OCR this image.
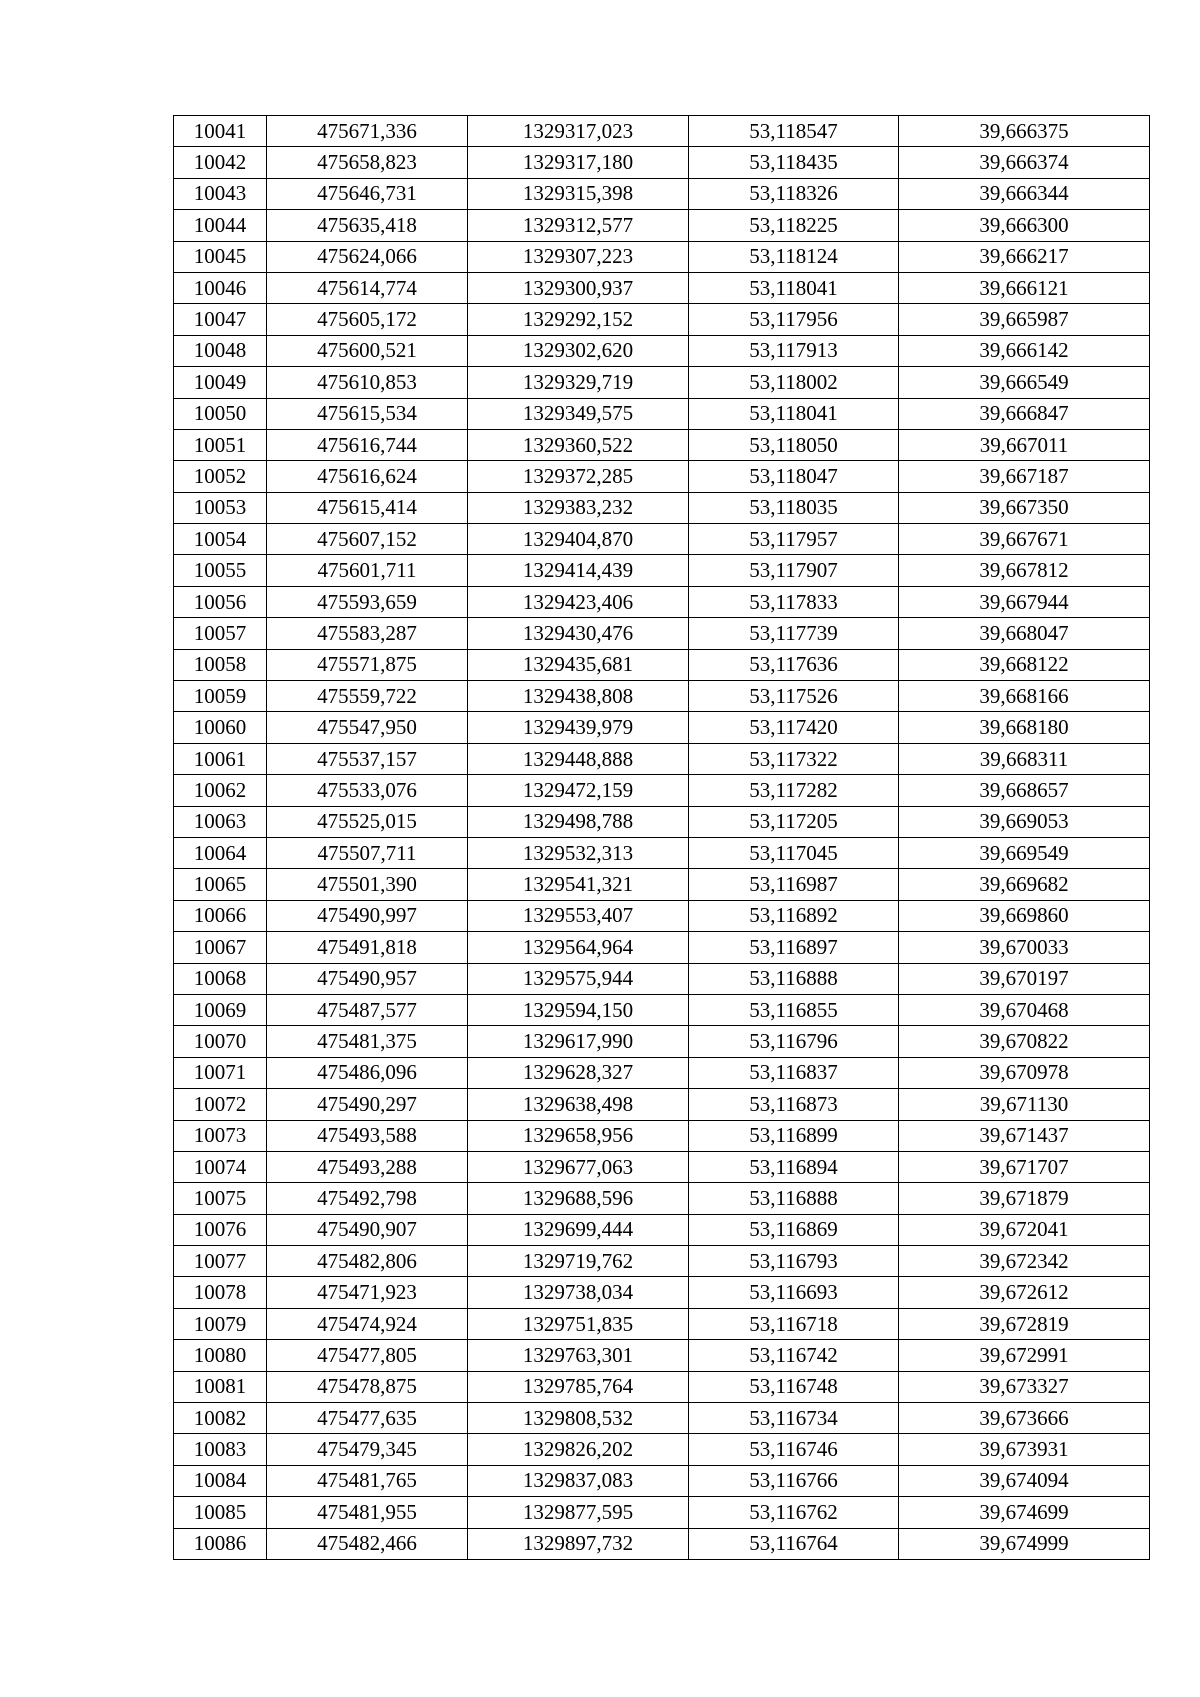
10041	475671,336	1329317,023	53,118547	39,666375
10042	475658,823	1329317,180	53,118435	39,666374
10043	475646,731	1329315,398	53,118326	39,666344
10044	475635,418	1329312,577	53,118225	39,666300
10045	475624,066	1329307,223	53,118124	39,666217
10046	475614,774	1329300,937	53,118041	39,666121
10047	475605,172	1329292,152	53,117956	39,665987
10048	475600,521	1329302,620	53,117913	39,666142
10049	475610,853	1329329,719	53,118002	39,666549
10050	475615,534	1329349,575	53,118041	39,666847
10051	475616,744	1329360,522	53,118050	39,667011
10052	475616,624	1329372,285	53,118047	39,667187
10053	475615,414	1329383,232	53,118035	39,667350
10054	475607,152	1329404,870	53,117957	39,667671
10055	475601,711	1329414,439	53,117907	39,667812
10056	475593,659	1329423,406	53,117833	39,667944
10057	475583,287	1329430,476	53,117739	39,668047
10058	475571,875	1329435,681	53,117636	39,668122
10059	475559,722	1329438,808	53,117526	39,668166
10060	475547,950	1329439,979	53,117420	39,668180
10061	475537,157	1329448,888	53,117322	39,668311
10062	475533,076	1329472,159	53,117282	39,668657
10063	475525,015	1329498,788	53,117205	39,669053
10064	475507,711	1329532,313	53,117045	39,669549
10065	475501,390	1329541,321	53,116987	39,669682
10066	475490,997	1329553,407	53,116892	39,669860
10067	475491,818	1329564,964	53,116897	39,670033
10068	475490,957	1329575,944	53,116888	39,670197
10069	475487,577	1329594,150	53,116855	39,670468
10070	475481,375	1329617,990	53,116796	39,670822
10071	475486,096	1329628,327	53,116837	39,670978
10072	475490,297	1329638,498	53,116873	39,671130
10073	475493,588	1329658,956	53,116899	39,671437
10074	475493,288	1329677,063	53,116894	39,671707
10075	475492,798	1329688,596	53,116888	39,671879
10076	475490,907	1329699,444	53,116869	39,672041
10077	475482,806	1329719,762	53,116793	39,672342
10078	475471,923	1329738,034	53,116693	39,672612
10079	475474,924	1329751,835	53,116718	39,672819
10080	475477,805	1329763,301	53,116742	39,672991
10081	475478,875	1329785,764	53,116748	39,673327
10082	475477,635	1329808,532	53,116734	39,673666
10083	475479,345	1329826,202	53,116746	39,673931
10084	475481,765	1329837,083	53,116766	39,674094
10085	475481,955	1329877,595	53,116762	39,674699
10086	475482,466	1329897,732	53,116764	39,674999
